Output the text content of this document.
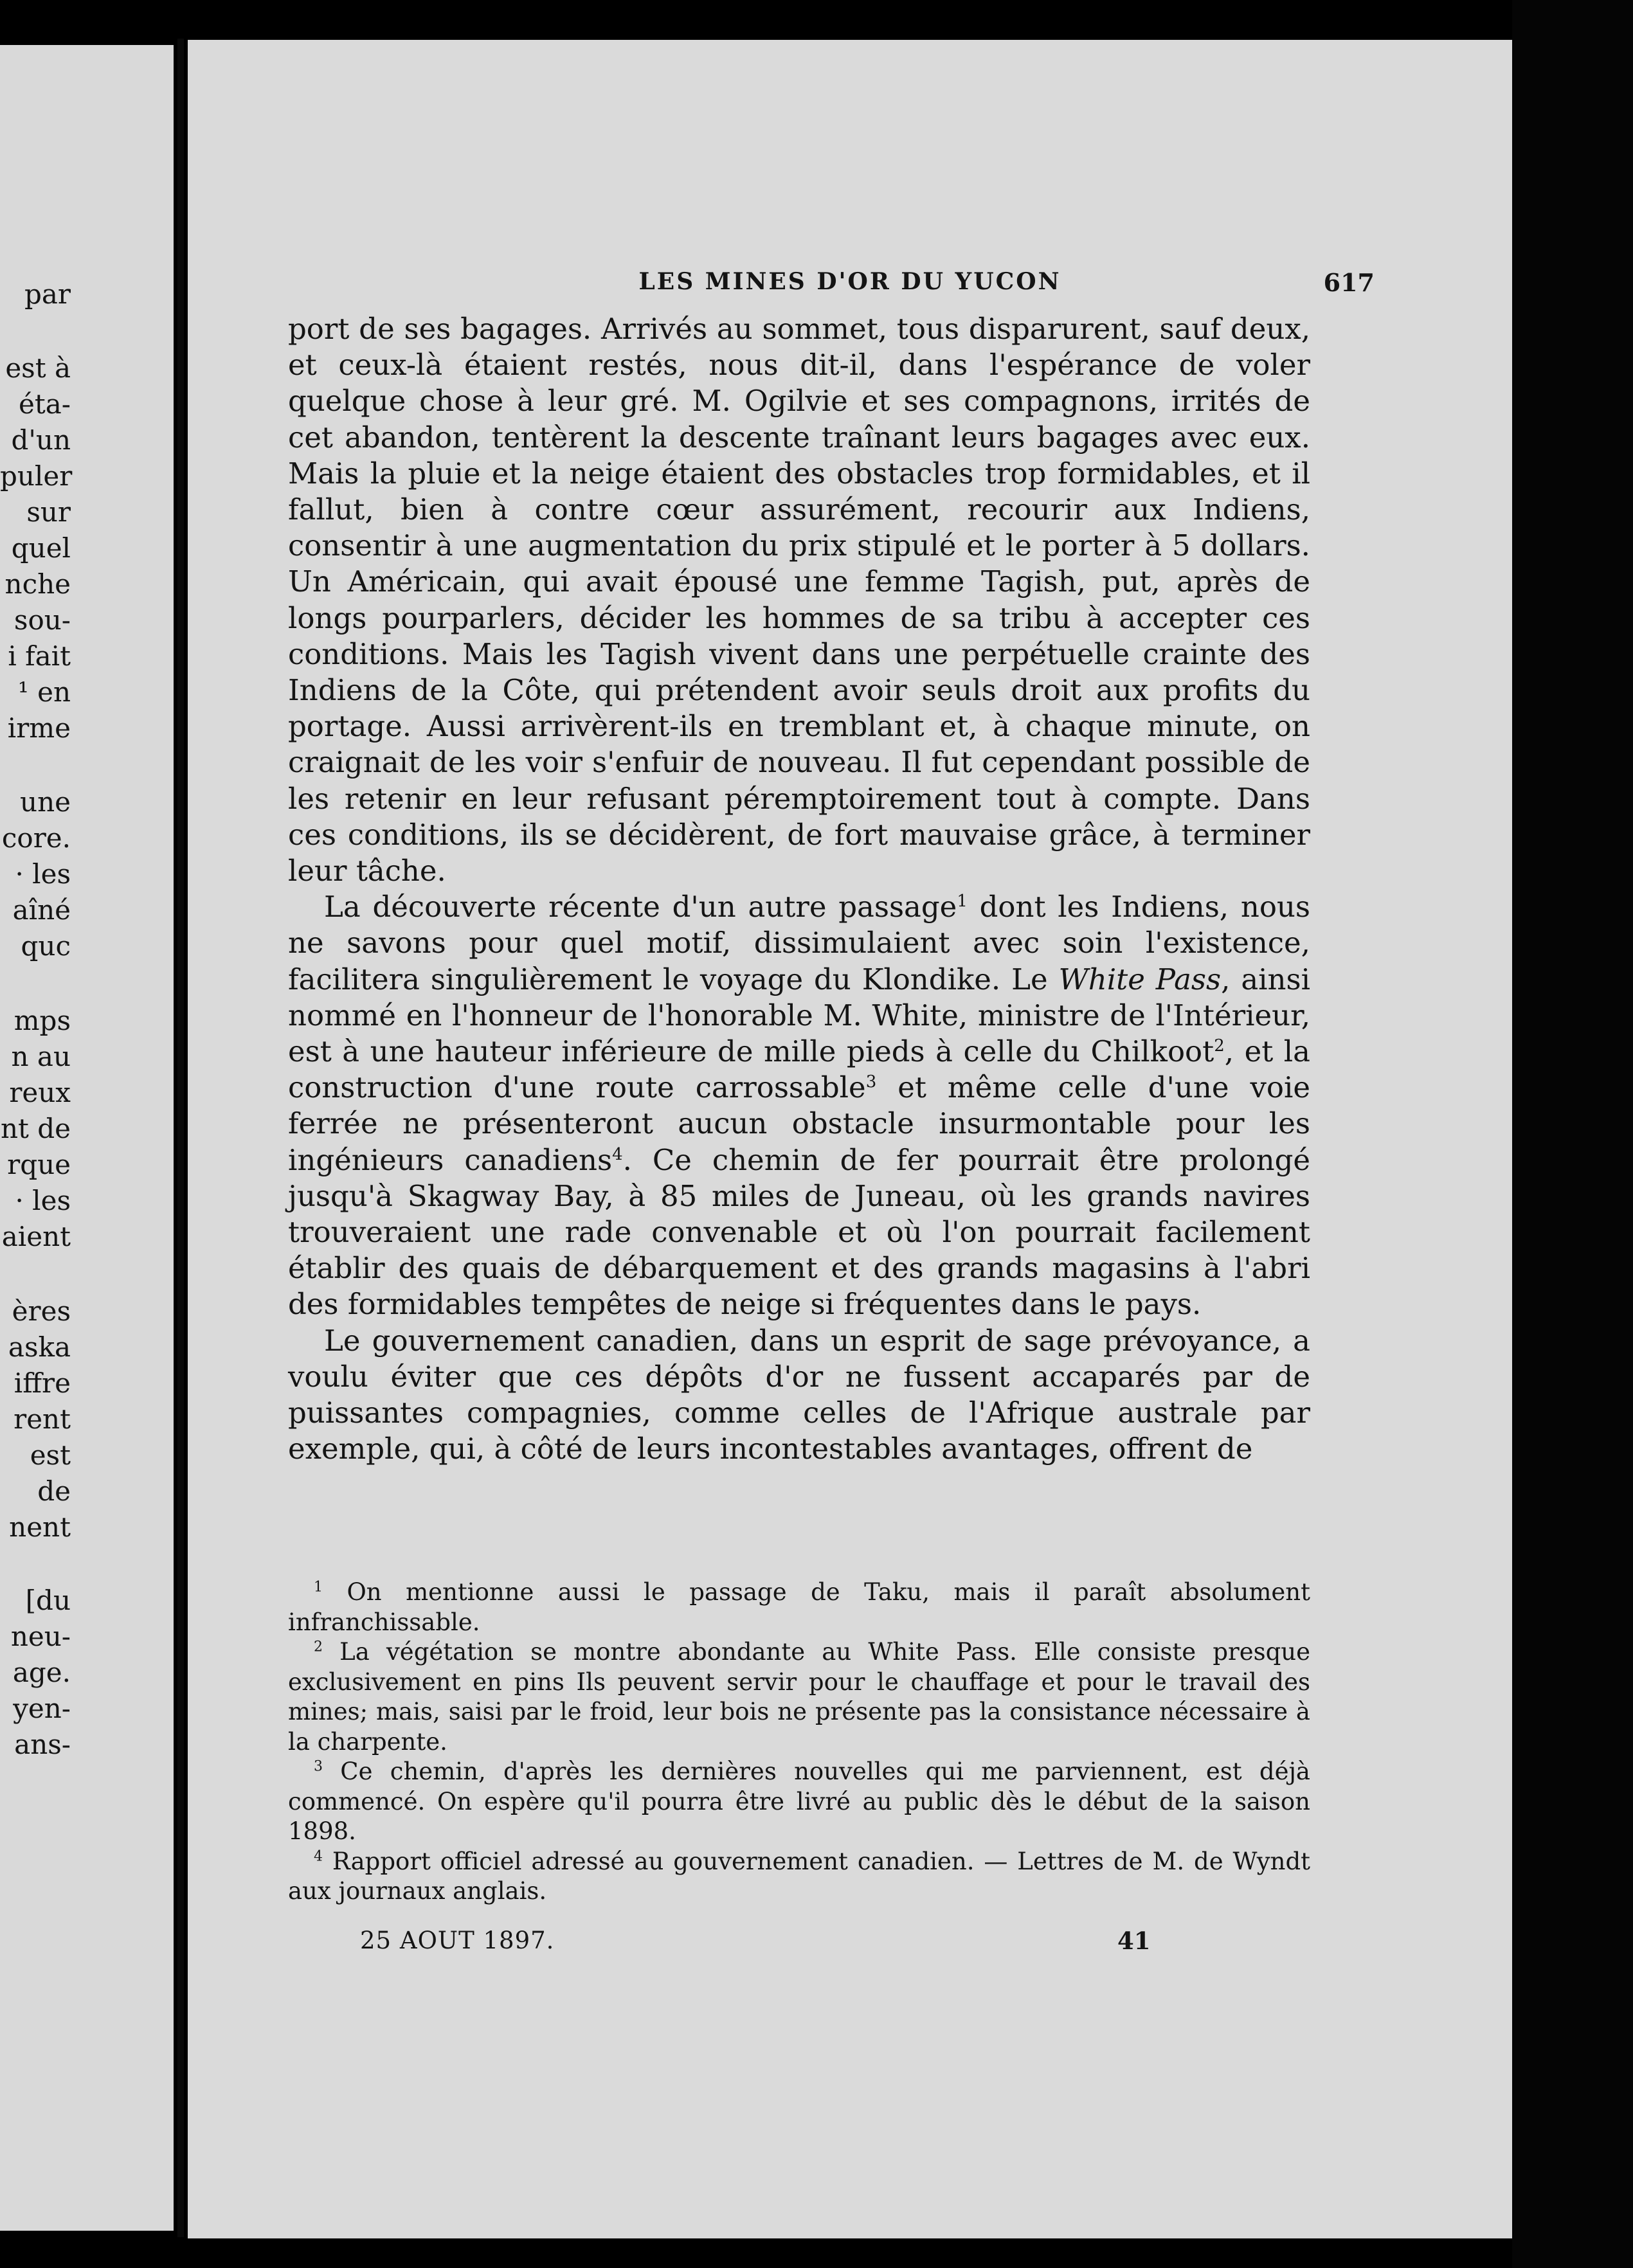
par
est à
éta-
d'un
puler
sur
quel
nche
sou-
i fait
¹ en
irme
une
core.
· les
aîné
quc
mps
n au
reux
nt de
rque
· les
aient
ères
aska
iffre
rent
est
de
nent
[du
neu-
age.
yen-
ans-
LES MINES D'OR DU YUCON	617

port de ses bagages. Arrivés au sommet, tous disparurent, sauf deux, et ceux-là étaient restés, nous dit-il, dans l'espérance de voler quelque chose à leur gré. M. Ogilvie et ses compagnons, irrités de cet abandon, tentèrent la descente traînant leurs bagages avec eux. Mais la pluie et la neige étaient des obstacles trop formidables, et il fallut, bien à contre cœur assurément, recourir aux Indiens, consentir à une augmentation du prix stipulé et le porter à 5 dollars. Un Américain, qui avait épousé une femme Tagish, put, après de longs pourparlers, décider les hommes de sa tribu à accepter ces conditions. Mais les Tagish vivent dans une perpétuelle crainte des Indiens de la Côte, qui prétendent avoir seuls droit aux profits du portage. Aussi arrivèrent-ils en tremblant et, à chaque minute, on craignait de les voir s'enfuir de nouveau. Il fut cependant possible de les retenir en leur refusant péremptoirement tout à compte. Dans ces conditions, ils se décidèrent, de fort mauvaise grâce, à terminer leur tâche.

La découverte récente d'un autre passage$^1$ dont les Indiens, nous ne savons pour quel motif, dissimulaient avec soin l'existence, facilitera singulièrement le voyage du Klondike. Le White Pass, ainsi nommé en l'honneur de l'honorable M. White, ministre de l'Intérieur, est à une hauteur inférieure de mille pieds à celle du Chilkoot$^2$, et la construction d'une route carrossable$^3$ et même celle d'une voie ferrée ne présenteront aucun obstacle insurmontable pour les ingénieurs canadiens$^4$. Ce chemin de fer pourrait être prolongé jusqu'à Skagway Bay, à 85 miles de Juneau, où les grands navires trouveraient une rade convenable et où l'on pourrait facilement établir des quais de débarquement et des grands magasins à l'abri des formidables tempêtes de neige si fréquentes dans le pays.

Le gouvernement canadien, dans un esprit de sage prévoyance, a voulu éviter que ces dépôts d'or ne fussent accaparés par de puissantes compagnies, comme celles de l'Afrique australe par exemple, qui, à côté de leurs incontestables avantages, offrent de

$^1$ On mentionne aussi le passage de Taku, mais il paraît absolument infranchissable.

$^2$ La végétation se montre abondante au White Pass. Elle consiste presque exclusivement en pins Ils peuvent servir pour le chauffage et pour le travail des mines; mais, saisi par le froid, leur bois ne présente pas la consistance nécessaire à la charpente.

$^3$ Ce chemin, d'après les dernières nouvelles qui me parviennent, est déjà commencé. On espère qu'il pourra être livré au public dès le début de la saison 1898.

$^4$ Rapport officiel adressé au gouvernement canadien. — Lettres de M. de Wyndt aux journaux anglais.

25 AOUT 1897.	41
